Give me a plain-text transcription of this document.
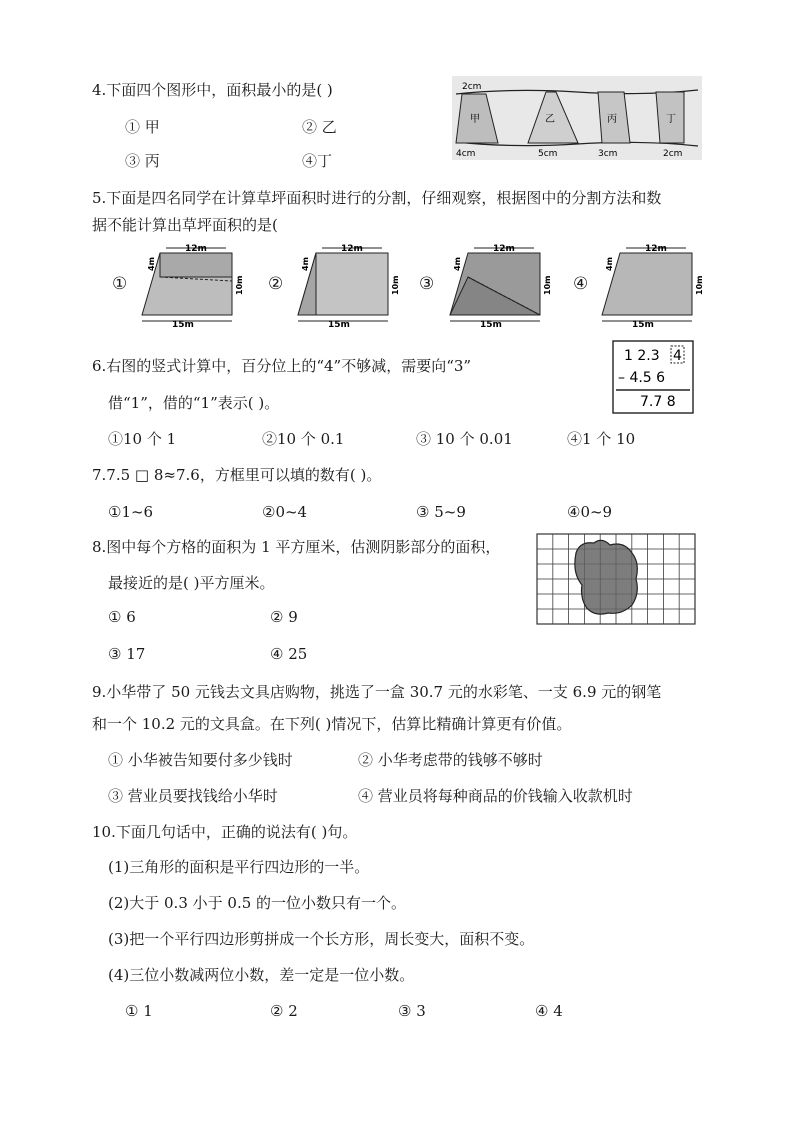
4.下面四个图形中，面积最小的是( )
① 甲	② 乙
③ 丙	④丁
2cm
甲	乙	丙	丁
4cm	5cm	3cm	2cm
5.下面是四名同学在计算草坪面积时进行的分割，仔细观察，根据图中的分割方法和数
据不能计算出草坪面积的是(
①	②	③	④
12m
4m
10m
15m
12m
4m
10m
15m
12m
4m
10m
15m
12m
4m
10m
15m
6.右图的竖式计算中，百分位上的“4”不够减，需要向“3”
借“1”，借的“1”表示( )。
①10 个 1	②10 个 0.1	③ 10 个 0.01	④1 个 10
1 2.3 4
– 4.5 6
7.7 8
7.7.5 □ 8≈7.6，方框里可以填的数有( )。
①1~6	②0~4	③ 5~9	④0~9
8.图中每个方格的面积为 1 平方厘米，估测阴影部分的面积，
最接近的是( )平方厘米。
① 6	② 9
③ 17	④ 25
9.小华带了 50 元钱去文具店购物，挑选了一盒 30.7 元的水彩笔、一支 6.9 元的钢笔
和一个 10.2 元的文具盒。在下列( )情况下，估算比精确计算更有价值。
① 小华被告知要付多少钱时	② 小华考虑带的钱够不够时
③ 营业员要找钱给小华时	④ 营业员将每种商品的价钱输入收款机时
10.下面几句话中，正确的说法有( )句。
(1)三角形的面积是平行四边形的一半。
(2)大于 0.3 小于 0.5 的一位小数只有一个。
(3)把一个平行四边形剪拼成一个长方形，周长变大，面积不变。
(4)三位小数减两位小数，差一定是一位小数。
① 1	② 2	③ 3	④ 4
